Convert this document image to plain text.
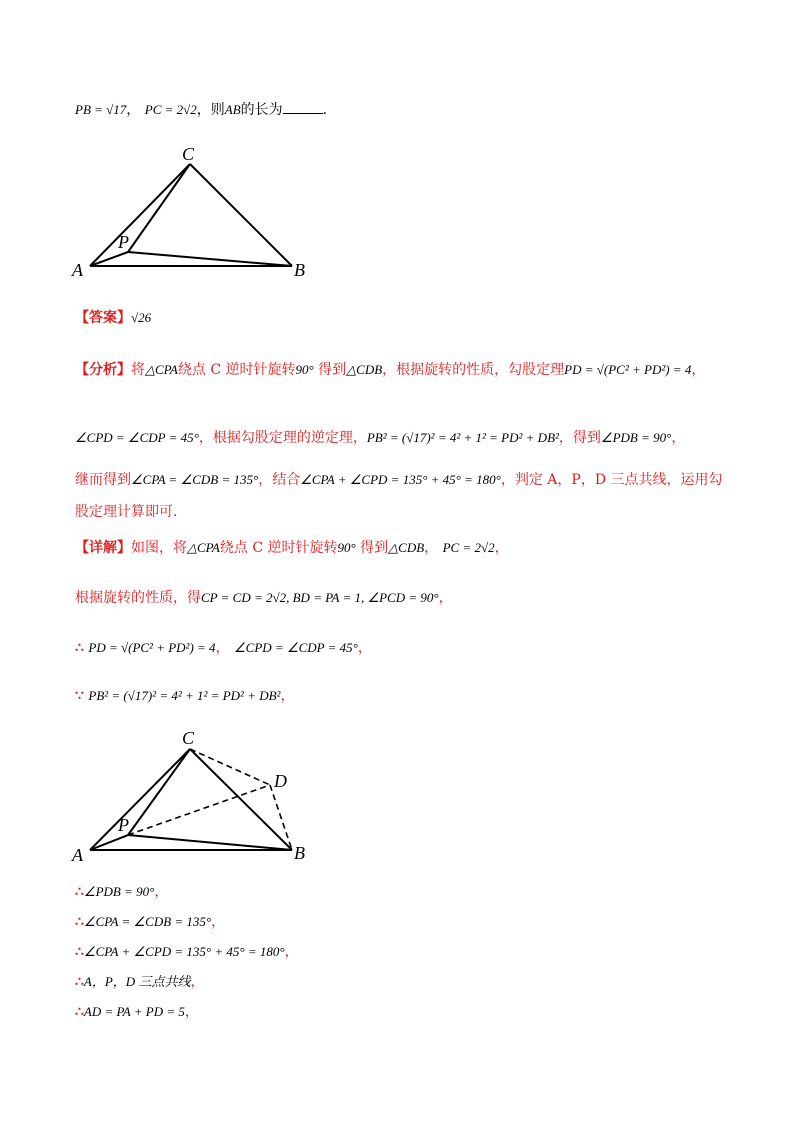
PB = √17， PC = 2√2，则AB的长为	.
C
P
A	B
【答案】√26
【分析】将△CPA绕点 C 逆时针旋转90° 得到△CDB，根据旋转的性质，勾股定理PD = √(PC² + PD²) = 4，
∠CPD = ∠CDP = 45°，根据勾股定理的逆定理，PB² = (√17)² = 4² + 1² = PD² + DB²，得到∠PDB = 90°，
继而得到∠CPA = ∠CDB = 135°，结合∠CPA + ∠CPD = 135° + 45° = 180°，判定 A，P，D 三点共线，运用勾
股定理计算即可.
【详解】如图，将△CPA绕点 C 逆时针旋转90° 得到△CDB， PC = 2√2，
根据旋转的性质，得CP = CD = 2√2, BD = PA = 1, ∠PCD = 90°，
∴ PD = √(PC² + PD²) = 4， ∠CPD = ∠CDP = 45°，
∵ PB² = (√17)² = 4² + 1² = PD² + DB²，
C
D
P
A	B
∴∠PDB = 90°，
∴∠CPA = ∠CDB = 135°，
∴∠CPA + ∠CPD = 135° + 45° = 180°，
∴A，P，D 三点共线，
∴AD = PA + PD = 5，
